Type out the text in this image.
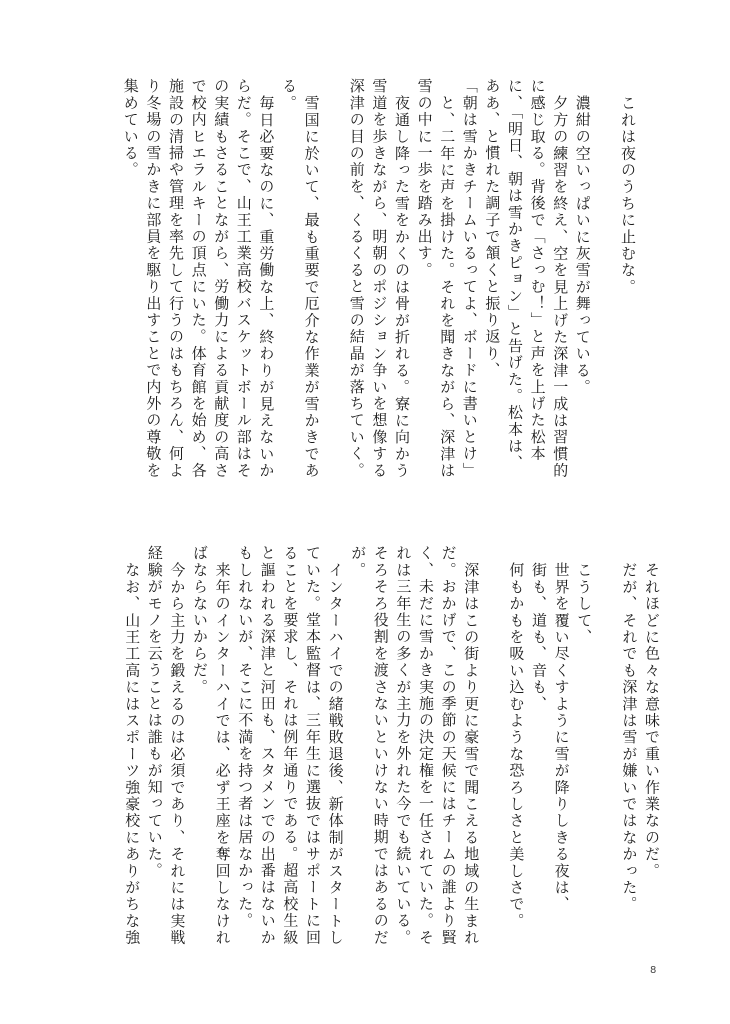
これは夜のうちに止むな。
濃紺の空いっぱいに灰雪が舞っている。
夕方の練習を終え、空を見上げた深津一成は習慣的
に感じ取る。背後で「さっむ！」と声を上げた松本
に、「明日、朝は雪かきピョン」と告げた。松本は、
ああ、と慣れた調子で頷くと振り返り、
「朝は雪かきチームいるってよ、ボードに書いとけ」
と、二年に声を掛けた。それを聞きながら、深津は
雪の中に一歩を踏み出す。
夜通し降った雪をかくのは骨が折れる。寮に向かう
雪道を歩きながら、明朝のポジション争いを想像する
深津の目の前を、くるくると雪の結晶が落ちていく。
雪国に於いて、最も重要で厄介な作業が雪かきであ
る。
毎日必要なのに、重労働な上、終わりが見えないか
らだ。そこで、山王工業高校バスケットボール部はそ
の実績もさることながら、労働力による貢献度の高さ
で校内ヒエラルキーの頂点にいた。体育館を始め、各
施設の清掃や管理を率先して行うのはもちろん、何よ
り冬場の雪かきに部員を駆り出すことで内外の尊敬を
集めている。
それほどに色々な意味で重い作業なのだ。
だが、それでも深津は雪が嫌いではなかった。
こうして、
世界を覆い尽くすように雪が降りしきる夜は、
街も、道も、音も、
何もかもを吸い込むような恐ろしさと美しさで。
深津はこの街より更に豪雪で聞こえる地域の生まれ
だ。おかげで、この季節の天候にはチームの誰より賢
く、未だに雪かき実施の決定権を一任されていた。そ
れは三年生の多くが主力を外れた今でも続いている。
そろそろ役割を渡さないといけない時期ではあるのだ
が。
インターハイでの緒戦敗退後、新体制がスタートし
ていた。堂本監督は、三年生に選抜ではサポートに回
ることを要求し、それは例年通りである。超高校生級
と謳われる深津と河田も、スタメンでの出番はないか
もしれないが、そこに不満を持つ者は居なかった。
来年のインターハイでは、必ず王座を奪回しなけれ
ばならないからだ。
今から主力を鍛えるのは必須であり、それには実戦
経験がモノを云うことは誰もが知っていた。
なお、山王工高にはスポーツ強豪校にありがちな強
8
